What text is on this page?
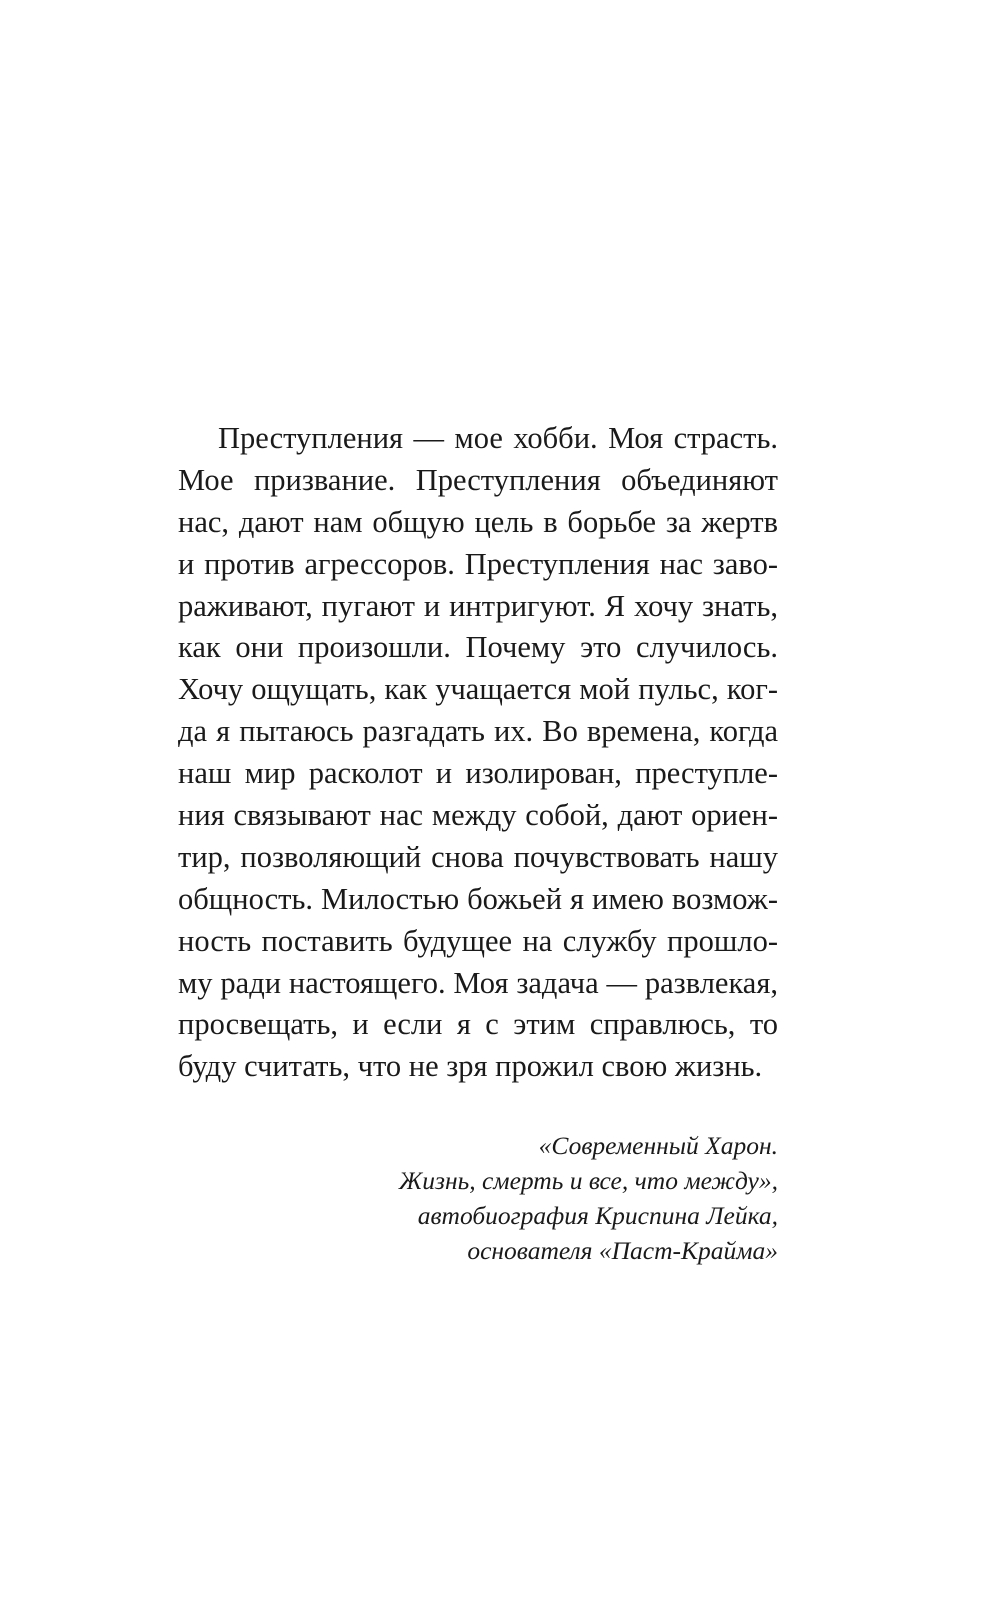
Преступления — мое хобби. Моя страсть.
Мое призвание. Преступления объединяют
нас, дают нам общую цель в борьбе за жертв
и против агрессоров. Преступления нас заво-
раживают, пугают и интригуют. Я хочу знать,
как они произошли. Почему это случилось.
Хочу ощущать, как учащается мой пульс, ког-
да я пытаюсь разгадать их. Во времена, когда
наш мир расколот и изолирован, преступле-
ния связывают нас между собой, дают ориен-
тир, позволяющий снова почувствовать нашу
общность. Милостью божьей я имею возмож-
ность поставить будущее на службу прошло-
му ради настоящего. Моя задача — развлекая,
просвещать, и если я с этим справлюсь, то
буду считать, что не зря прожил свою жизнь.

«Современный Харон.
Жизнь, смерть и все, что между»,
автобиография Криспина Лейка,
основателя «Паст-Крайма»
